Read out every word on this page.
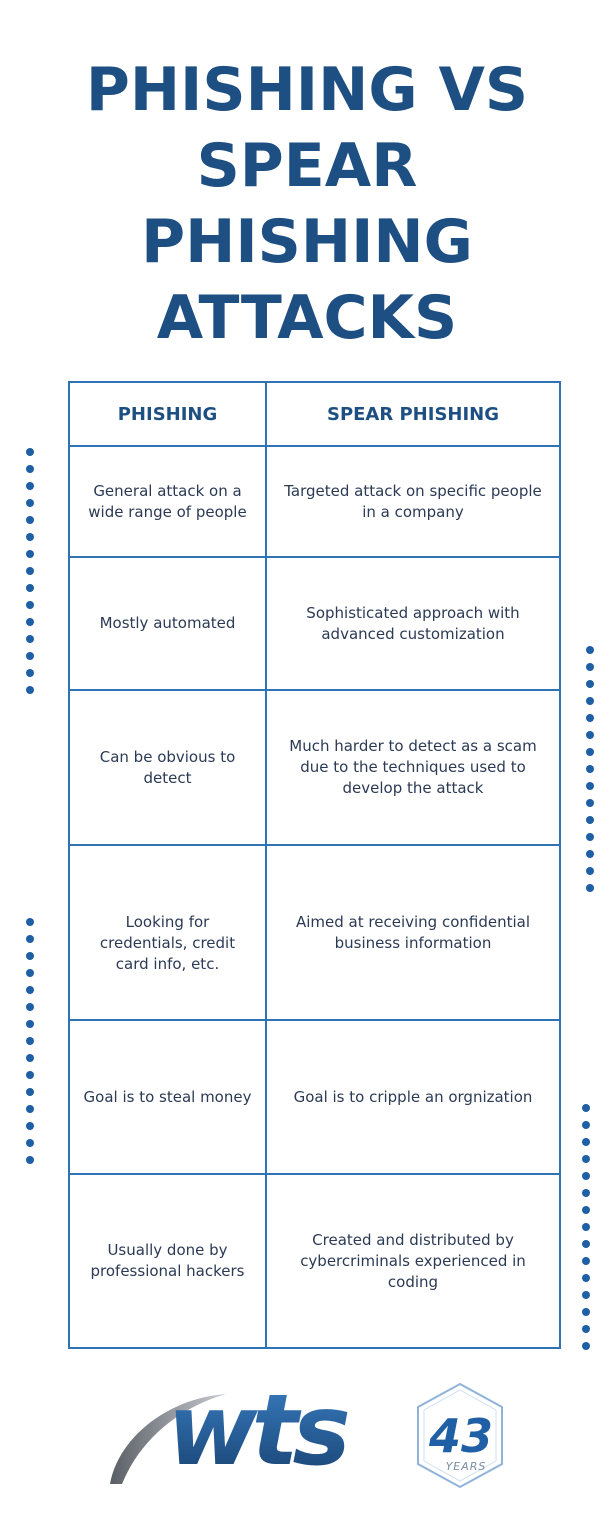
PHISHING VS
SPEAR
PHISHING
ATTACKS
PHISHING	SPEAR PHISHING
General attack on a wide range of people	Targeted attack on specific people in a company
Mostly automated	Sophisticated approach with advanced customization
Can be obvious to detect	Much harder to detect as a scam due to the techniques used to develop the attack
Looking for credentials, credit card info, etc.	Aimed at receiving confidential business information
Goal is to steal money	Goal is to cripple an orgnization
Usually done by professional hackers	Created and distributed by cybercriminals experienced in coding
wts 43
YEARS
